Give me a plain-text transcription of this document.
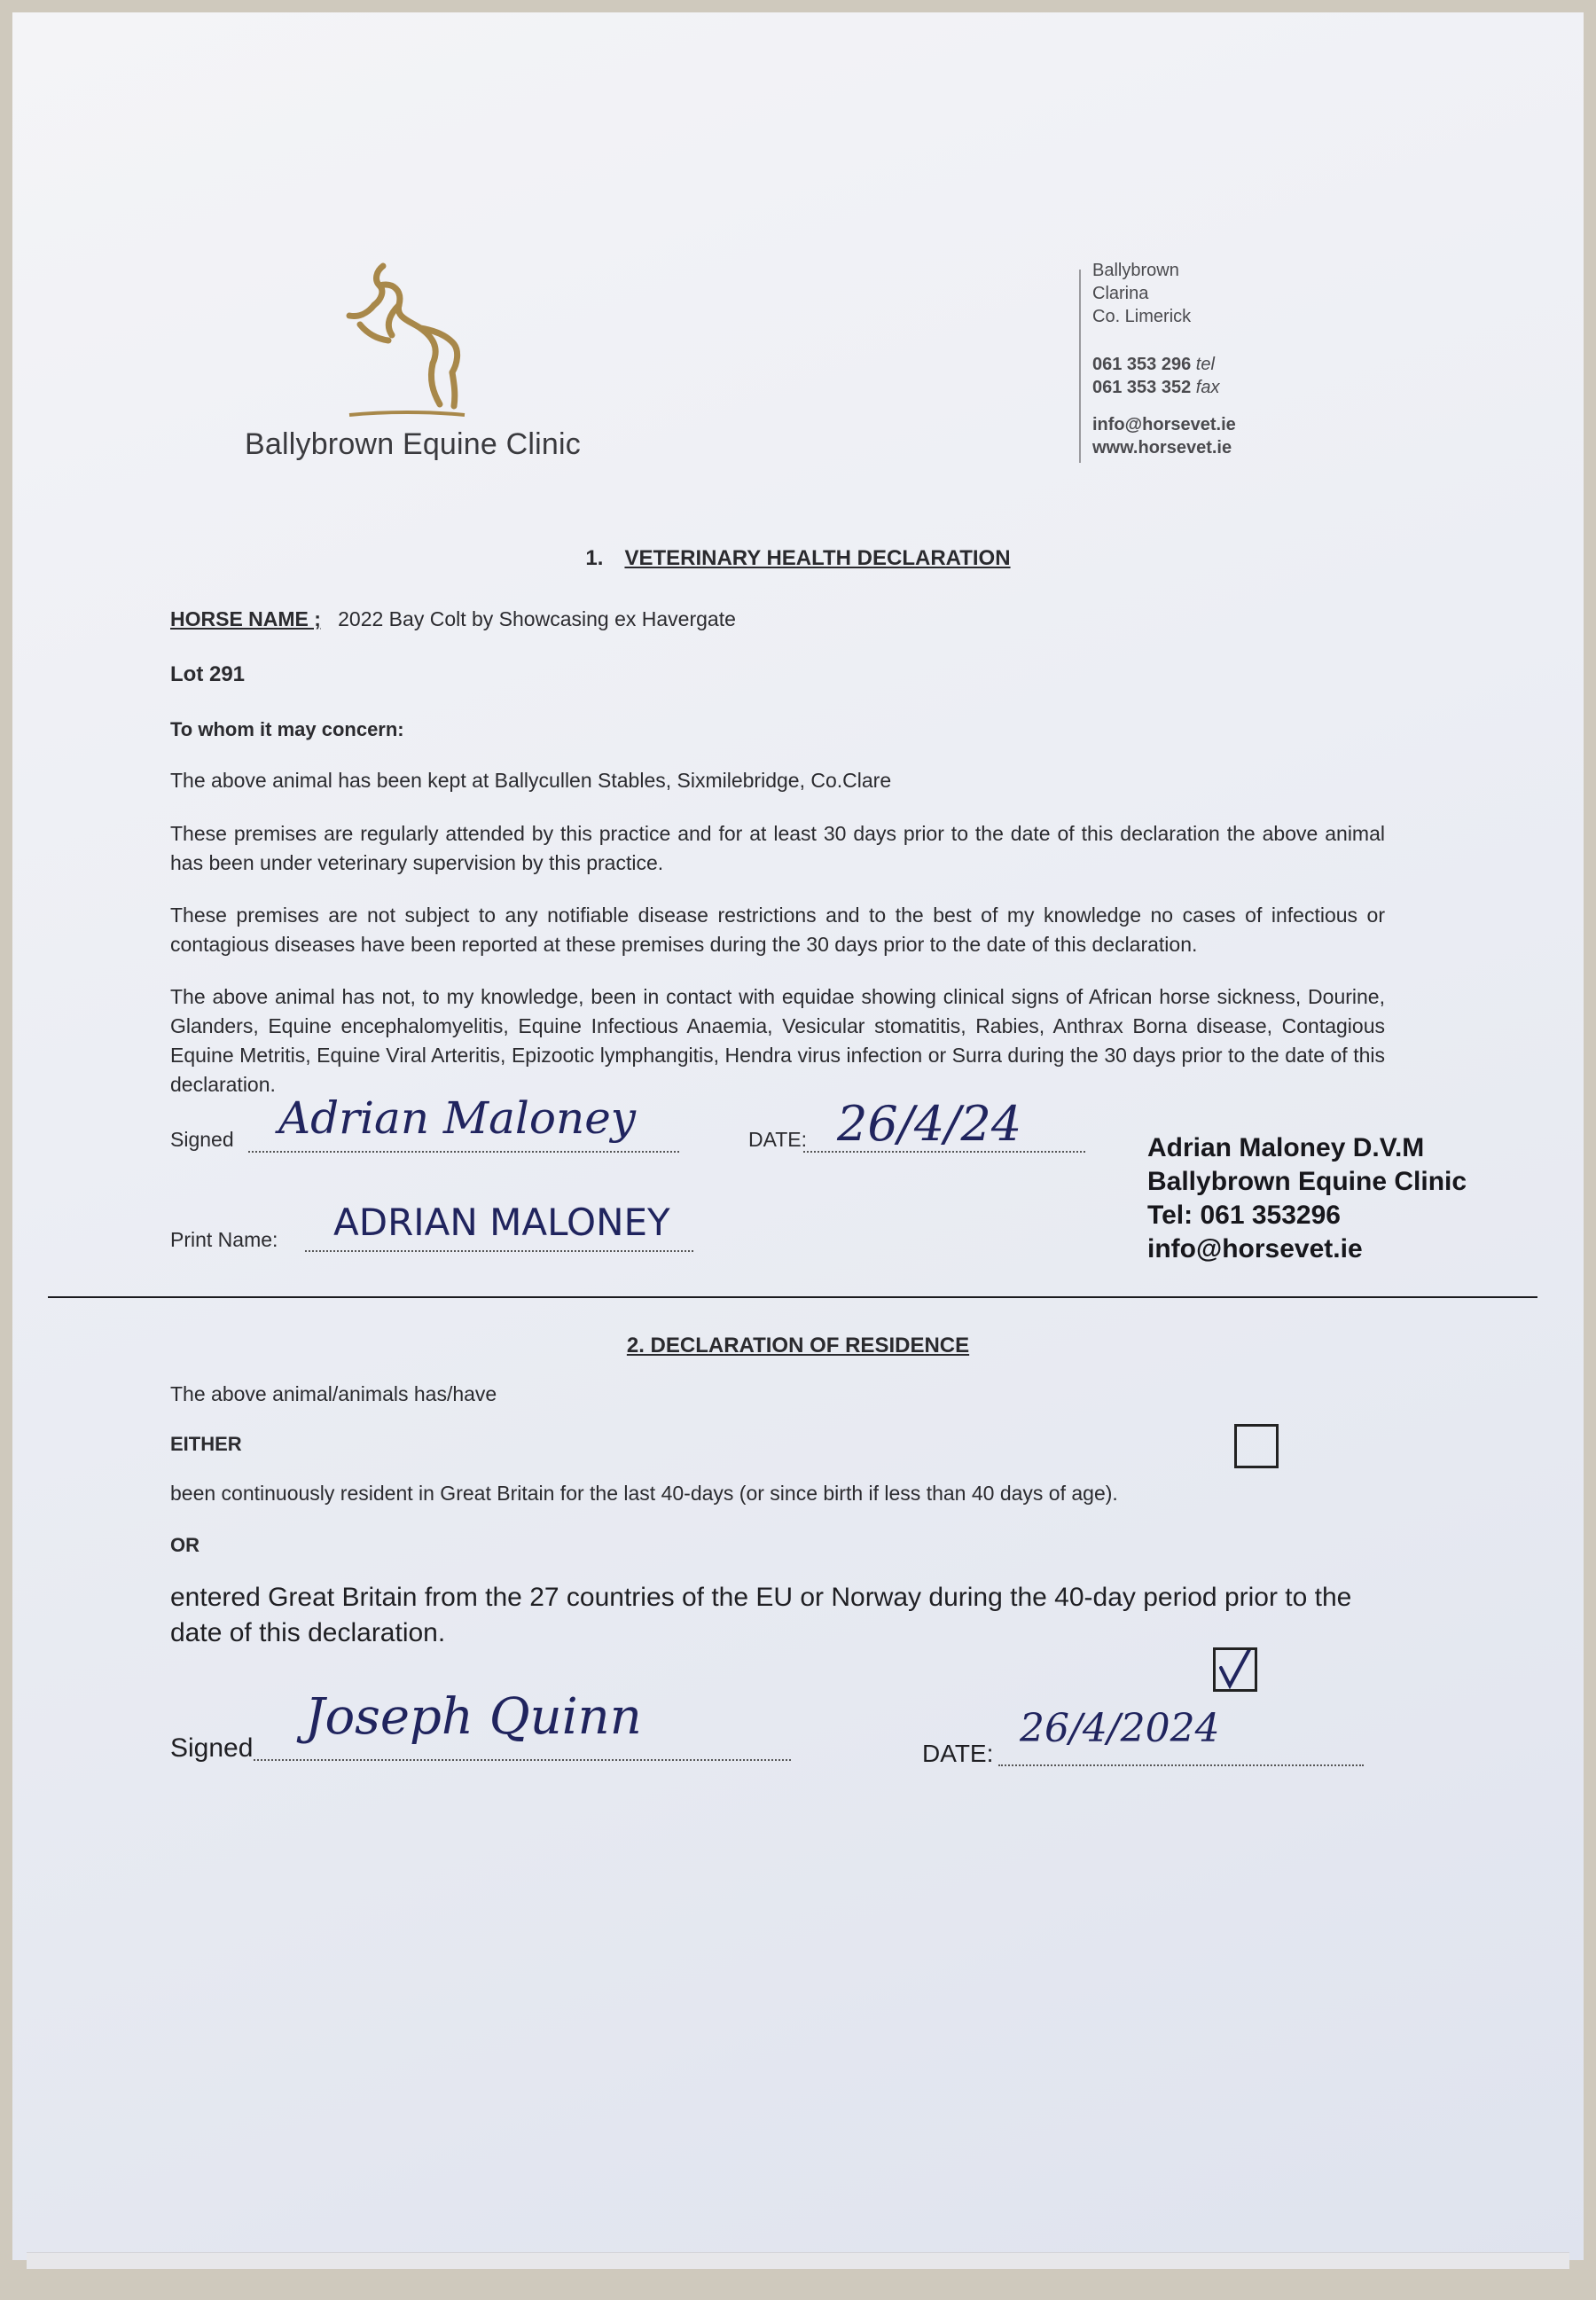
Ballybrown Equine Clinic
Ballybrown
Clarina
Co. Limerick
061 353 296 tel
061 353 352 fax
info@horsevet.ie
www.horsevet.ie
1. VETERINARY HEALTH DECLARATION
HORSE NAME ; 2022 Bay Colt by Showcasing ex Havergate
Lot 291
To whom it may concern:
The above animal has been kept at Ballycullen Stables, Sixmilebridge, Co.Clare
These premises are regularly attended by this practice and for at least 30 days prior to the date of this declaration the above animal has been under veterinary supervision by this practice.
These premises are not subject to any notifiable disease restrictions and to the best of my knowledge no cases of infectious or contagious diseases have been reported at these premises during the 30 days prior to the date of this declaration.
The above animal has not, to my knowledge, been in contact with equidae showing clinical signs of African horse sickness, Dourine, Glanders, Equine encephalomyelitis, Equine Infectious Anaemia, Vesicular stomatitis, Rabies, Anthrax Borna disease, Contagious Equine Metritis, Equine Viral Arteritis, Epizootic lymphangitis, Hendra virus infection or Surra during the 30 days prior to the date of this declaration.
Signed Adrian Maloney	DATE: 26/4/24
Print Name: ADRIAN MALONEY
Adrian Maloney D.V.M
Ballybrown Equine Clinic
Tel: 061 353296
info@horsevet.ie
2. DECLARATION OF RESIDENCE
The above animal/animals has/have
EITHER
been continuously resident in Great Britain for the last 40-days (or since birth if less than 40 days of age).
OR
entered Great Britain from the 27 countries of the EU or Norway during the 40-day period prior to the date of this declaration.
Signed
Joseph Quinn
DATE:
26/4/2024
